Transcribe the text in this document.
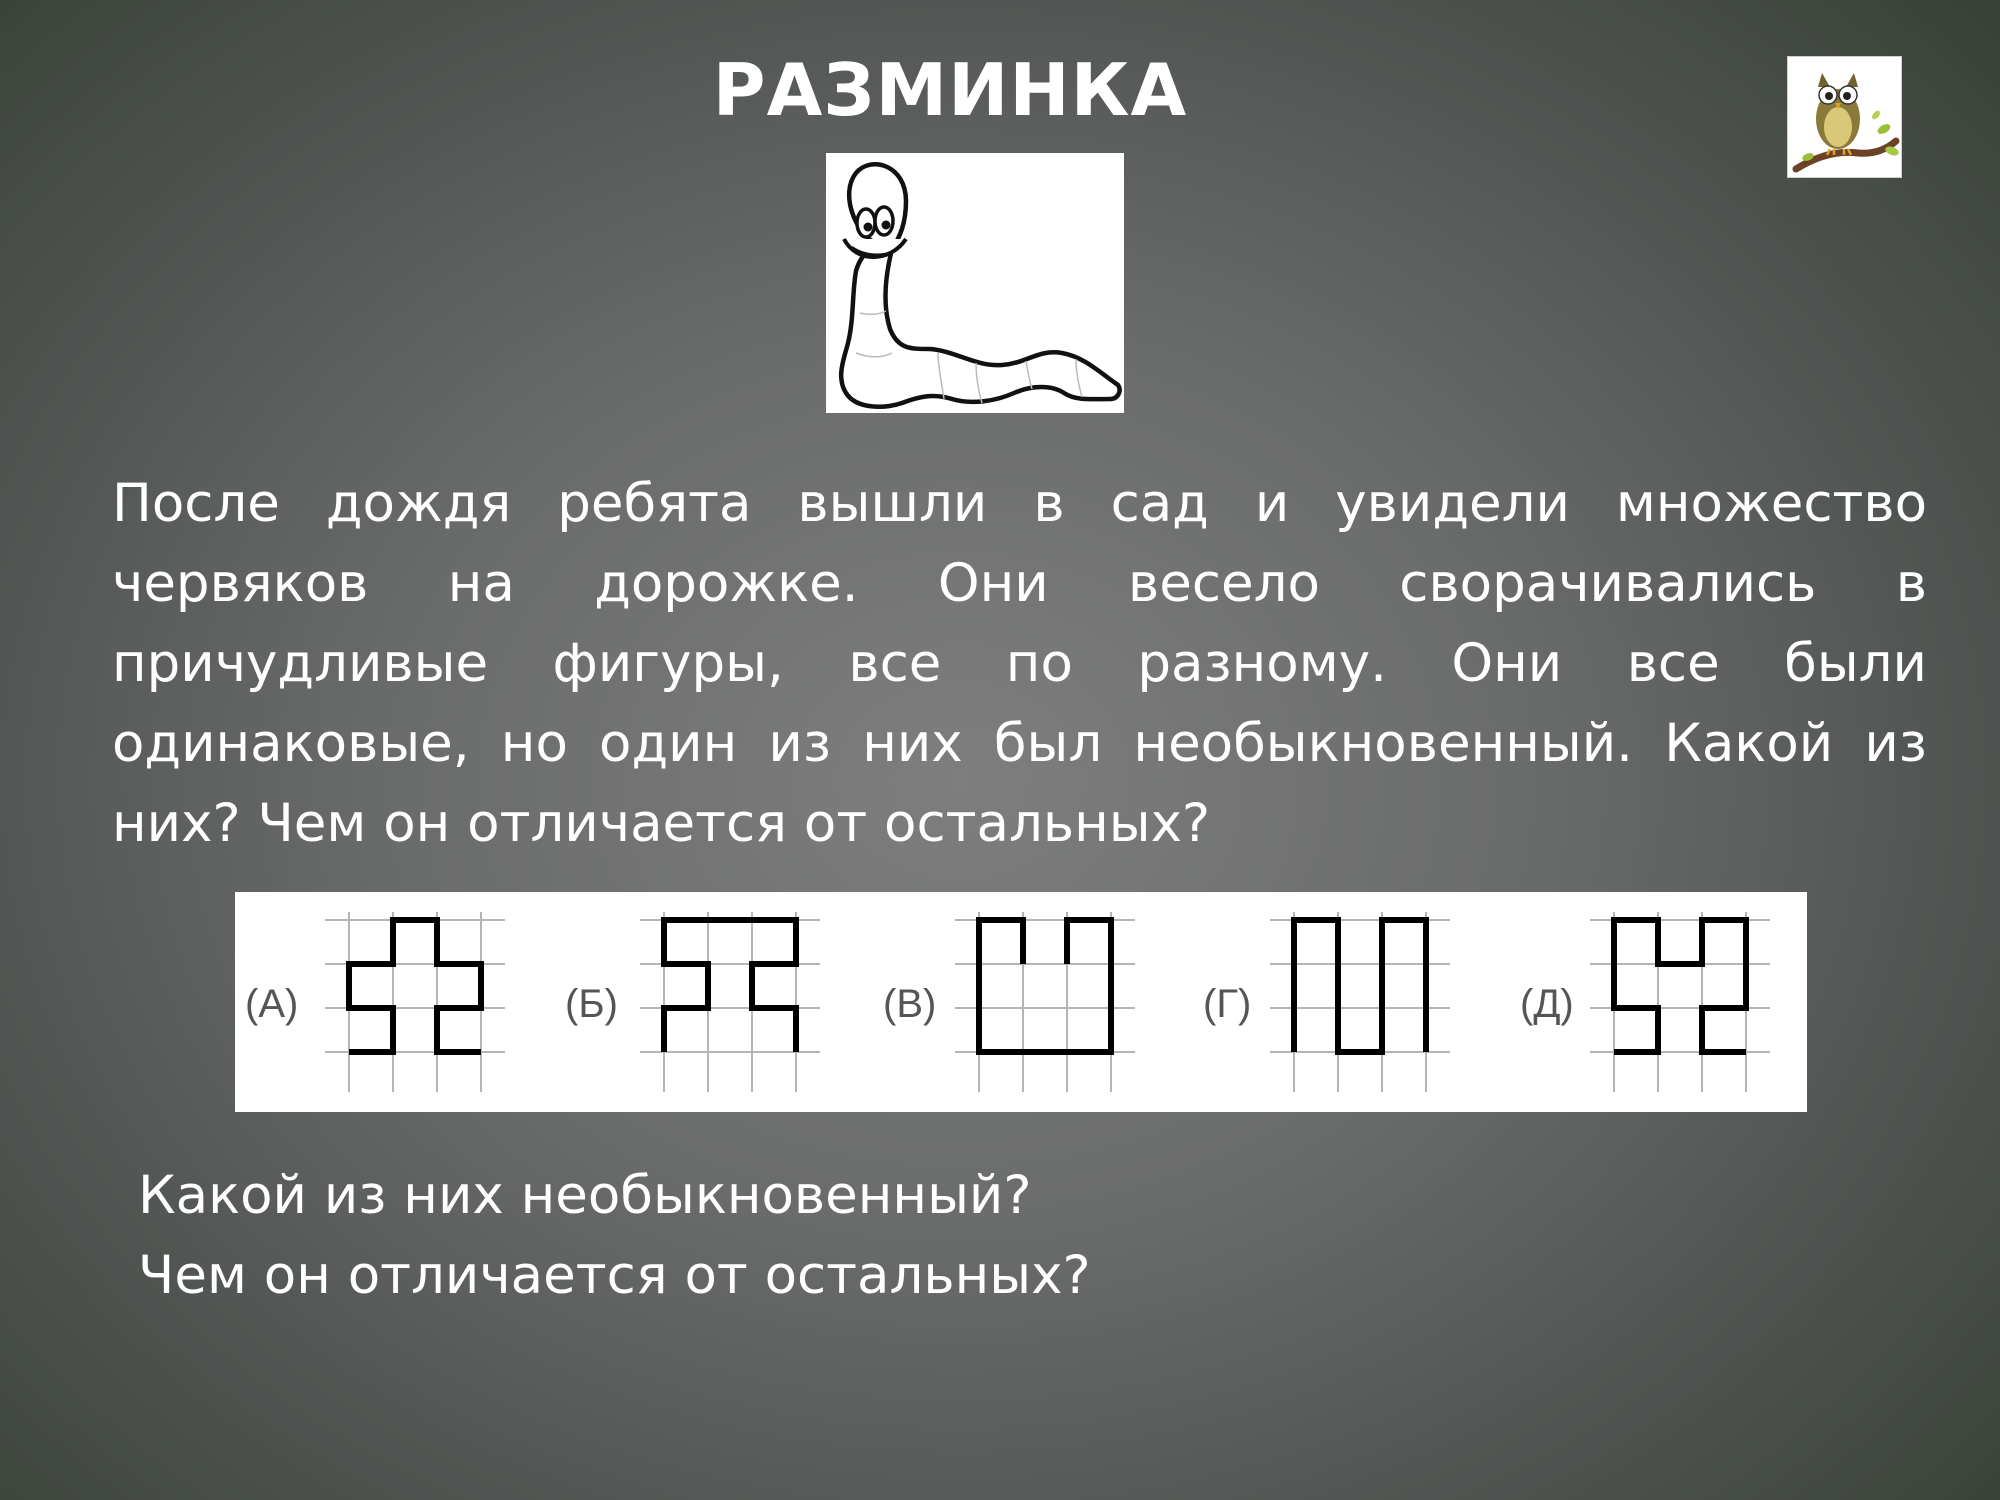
РАЗМИНКА

После дождя ребята вышли в сад и увидели множество червяков на дорожке. Они весело сворачивались в причудливые фигуры, все по разному. Они все были одинаковые, но один из них был необыкновенный. Какой из них? Чем он отличается от остальных?

(А)	(Б)	(В)	(Г)	(Д)
Какой из них необыкновенный?
Чем он отличается от остальных?
